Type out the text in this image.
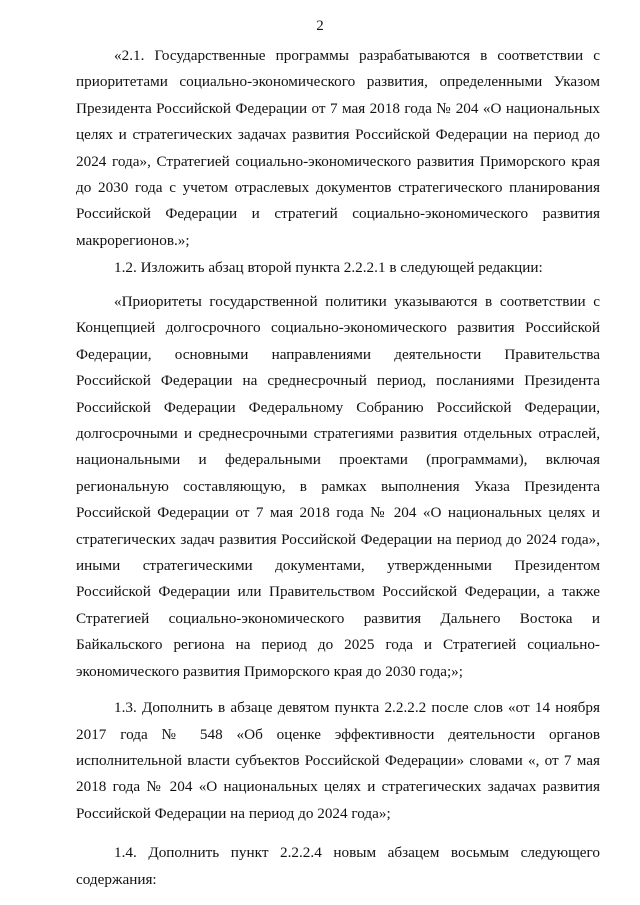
2

«2.1. Государственные программы разрабатываются в соответствии с приоритетами социально-экономического развития, определенными Указом Президента Российской Федерации от 7 мая 2018 года № 204 «О национальных целях и стратегических задачах развития Российской Федерации на период до 2024 года», Стратегией социально-экономического развития Приморского края до 2030 года с учетом отраслевых документов стратегического планирования Российской Федерации и стратегий социально-экономического развития макрорегионов.»;

1.2. Изложить абзац второй пункта 2.2.2.1 в следующей редакции:

«Приоритеты государственной политики указываются в соответствии с Концепцией долгосрочного социально-экономического развития Российской Федерации, основными направлениями деятельности Правительства Российской Федерации на среднесрочный период, посланиями Президента Российской Федерации Федеральному Собранию Российской Федерации, долгосрочными и среднесрочными стратегиями развития отдельных отраслей, национальными и федеральными проектами (программами), включая региональную составляющую, в рамках выполнения Указа Президента Российской Федерации от 7 мая 2018 года № 204 «О национальных целях и стратегических задач развития Российской Федерации на период до 2024 года», иными стратегическими документами, утвержденными Президентом Российской Федерации или Правительством Российской Федерации, а также Стратегией социально-экономического развития Дальнего Востока и Байкальского региона на период до 2025 года и Стратегией социально-экономического развития Приморского края до 2030 года;»;

1.3. Дополнить в абзаце девятом пункта 2.2.2.2 после слов «от 14 ноября 2017 года № 548 «Об оценке эффективности деятельности органов исполнительной власти субъектов Российской Федерации» словами «, от 7 мая 2018 года № 204 «О национальных целях и стратегических задачах развития Российской Федерации на период до 2024 года»;

1.4. Дополнить пункт 2.2.2.4 новым абзацем восьмым следующего содержания:
